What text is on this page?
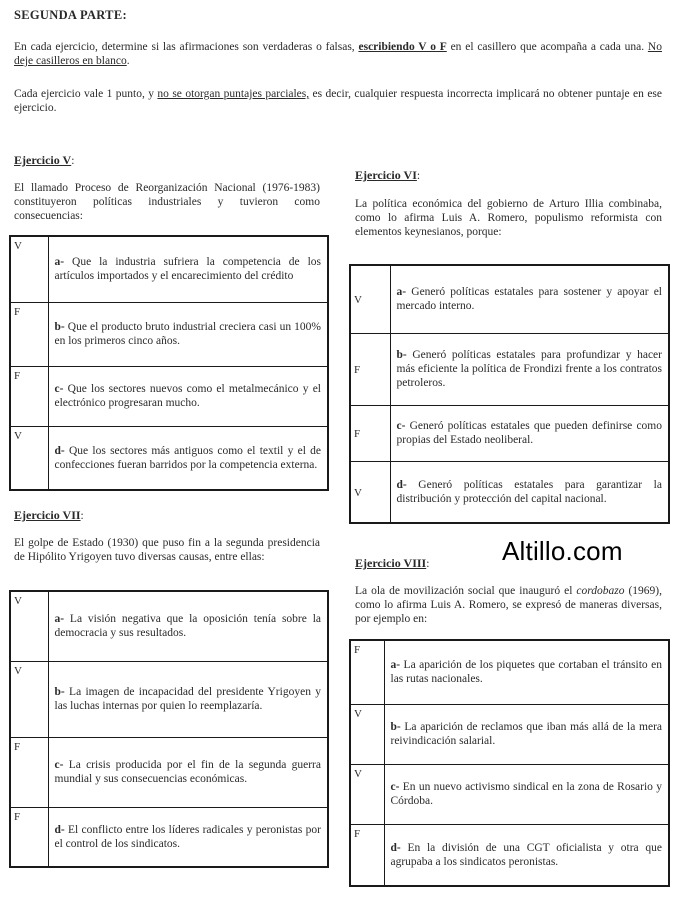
SEGUNDA PARTE:
En cada ejercicio, determine si las afirmaciones son verdaderas o falsas, escribiendo V o F en el casillero que acompaña a cada una. No deje casilleros en blanco.
Cada ejercicio vale 1 punto, y no se otorgan puntajes parciales, es decir, cualquier respuesta incorrecta implicará no obtener puntaje en ese ejercicio.
Ejercicio V:
El llamado Proceso de Reorganización Nacional (1976-1983) constituyeron políticas industriales y tuvieron como consecuencias:
V	a- Que la industria sufriera la competencia de los artículos importados y el encarecimiento del crédito
F	b- Que el producto bruto industrial creciera casi un 100% en los primeros cinco años.
F	c- Que los sectores nuevos como el metalmecánico y el electrónico progresaran mucho.
V	d- Que los sectores más antiguos como el textil y el de confecciones fueran barridos por la competencia externa.
Ejercicio VI:
La política económica del gobierno de Arturo Illia combinaba, como lo afirma Luis A. Romero, populismo reformista con elementos keynesianos, porque:
V	a- Generó políticas estatales para sostener y apoyar el mercado interno.
F	b- Generó políticas estatales para profundizar y hacer más eficiente la política de Frondizi frente a los contratos petroleros.
F	c- Generó políticas estatales que pueden definirse como propias del Estado neoliberal.
V	d- Generó políticas estatales para garantizar la distribución y protección del capital nacional.
Ejercicio VII:
El golpe de Estado (1930) que puso fin a la segunda presidencia de Hipólito Yrigoyen tuvo diversas causas, entre ellas:
V	a- La visión negativa que la oposición tenía sobre la democracia y sus resultados.
V	b- La imagen de incapacidad del presidente Yrigoyen y las luchas internas por quien lo reemplazaría.
F	c- La crisis producida por el fin de la segunda guerra mundial y sus consecuencias económicas.
F	d- El conflicto entre los líderes radicales y peronistas por el control de los sindicatos.
Altillo.com
Ejercicio VIII:
La ola de movilización social que inauguró el cordobazo (1969), como lo afirma Luis A. Romero, se expresó de maneras diversas, por ejemplo en:
F	a- La aparición de los piquetes que cortaban el tránsito en las rutas nacionales.
V	b- La aparición de reclamos que iban más allá de la mera reivindicación salarial.
V	c- En un nuevo activismo sindical en la zona de Rosario y Córdoba.
F	d- En la división de una CGT oficialista y otra que agrupaba a los sindicatos peronistas.
